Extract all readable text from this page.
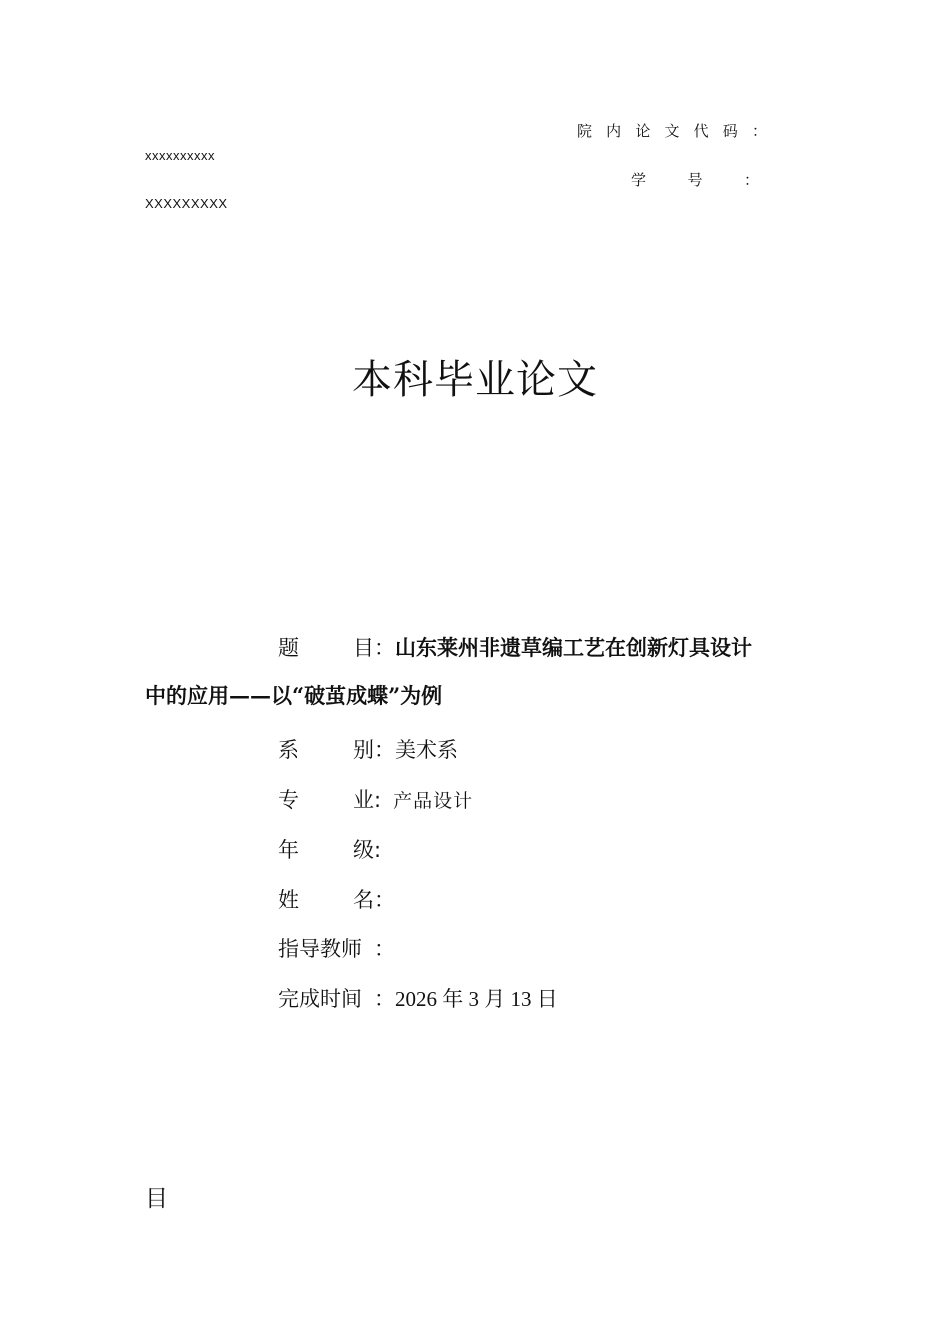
院 内 论 文 代 码 ：
xxxxxxxxxx
学	号	：
XXXXXXXXX
本科毕业论文
题	目 ： 山东莱州非遗草编工艺在创新灯具设计
中的应用——以“破茧成蝶”为例
系	别 ： 美术系
专	业 : 产品设计
年	级 :
姓	名 ：
指导教师 ：
完成时间 ： 2026 年 3 月 13 日
目
